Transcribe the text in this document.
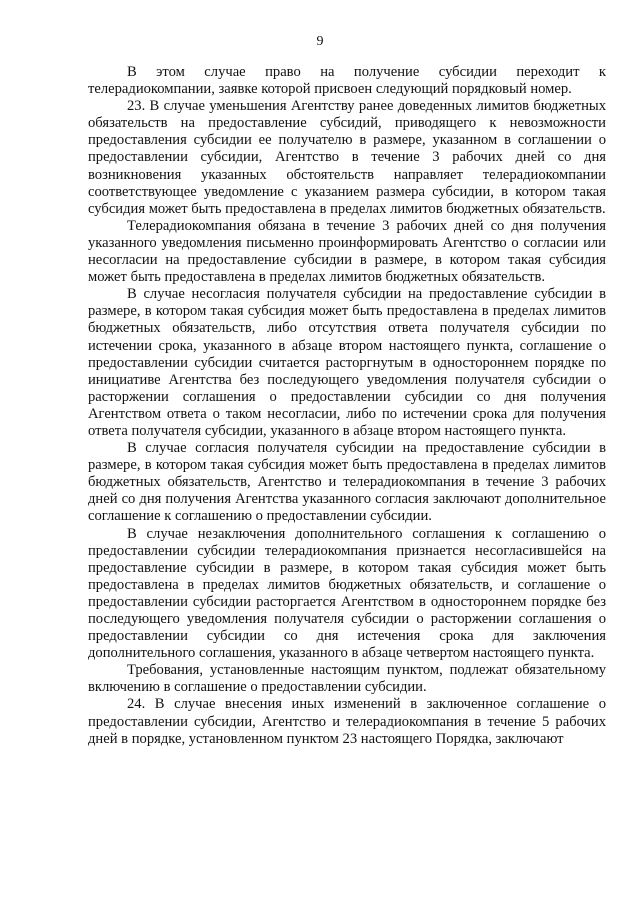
9

В этом случае право на получение субсидии переходит к телерадиокомпании, заявке которой присвоен следующий порядковый номер.

23. В случае уменьшения Агентству ранее доведенных лимитов бюджетных обязательств на предоставление субсидий, приводящего к невозможности предоставления субсидии ее получателю в размере, указанном в соглашении о предоставлении субсидии, Агентство в течение 3 рабочих дней со дня возникновения указанных обстоятельств направляет телерадиокомпании соответствующее уведомление с указанием размера субсидии, в котором такая субсидия может быть предоставлена в пределах лимитов бюджетных обязательств.

Телерадиокомпания обязана в течение 3 рабочих дней со дня получения указанного уведомления письменно проинформировать Агентство о согласии или несогласии на предоставление субсидии в размере, в котором такая субсидия может быть предоставлена в пределах лимитов бюджетных обязательств.

В случае несогласия получателя субсидии на предоставление субсидии в размере, в котором такая субсидия может быть предоставлена в пределах лимитов бюджетных обязательств, либо отсутствия ответа получателя субсидии по истечении срока, указанного в абзаце втором настоящего пункта, соглашение о предоставлении субсидии считается расторгнутым в одностороннем порядке по инициативе Агентства без последующего уведомления получателя субсидии о расторжении соглашения о предоставлении субсидии со дня получения Агентством ответа о таком несогласии, либо по истечении срока для получения ответа получателя субсидии, указанного в абзаце втором настоящего пункта.

В случае согласия получателя субсидии на предоставление субсидии в размере, в котором такая субсидия может быть предоставлена в пределах лимитов бюджетных обязательств, Агентство и телерадиокомпания в течение 3 рабочих дней со дня получения Агентства указанного согласия заключают дополнительное соглашение к соглашению о предоставлении субсидии.

В случае незаключения дополнительного соглашения к соглашению о предоставлении субсидии телерадиокомпания признается несогласившейся на предоставление субсидии в размере, в котором такая субсидия может быть предоставлена в пределах лимитов бюджетных обязательств, и соглашение о предоставлении субсидии расторгается Агентством в одностороннем порядке без последующего уведомления получателя субсидии о расторжении соглашения о предоставлении субсидии со дня истечения срока для заключения дополнительного соглашения, указанного в абзаце четвертом настоящего пункта.

Требования, установленные настоящим пунктом, подлежат обязательному включению в соглашение о предоставлении субсидии.

24. В случае внесения иных изменений в заключенное соглашение о предоставлении субсидии, Агентство и телерадиокомпания в течение 5 рабочих дней в порядке, установленном пунктом 23 настоящего Порядка, заключают
